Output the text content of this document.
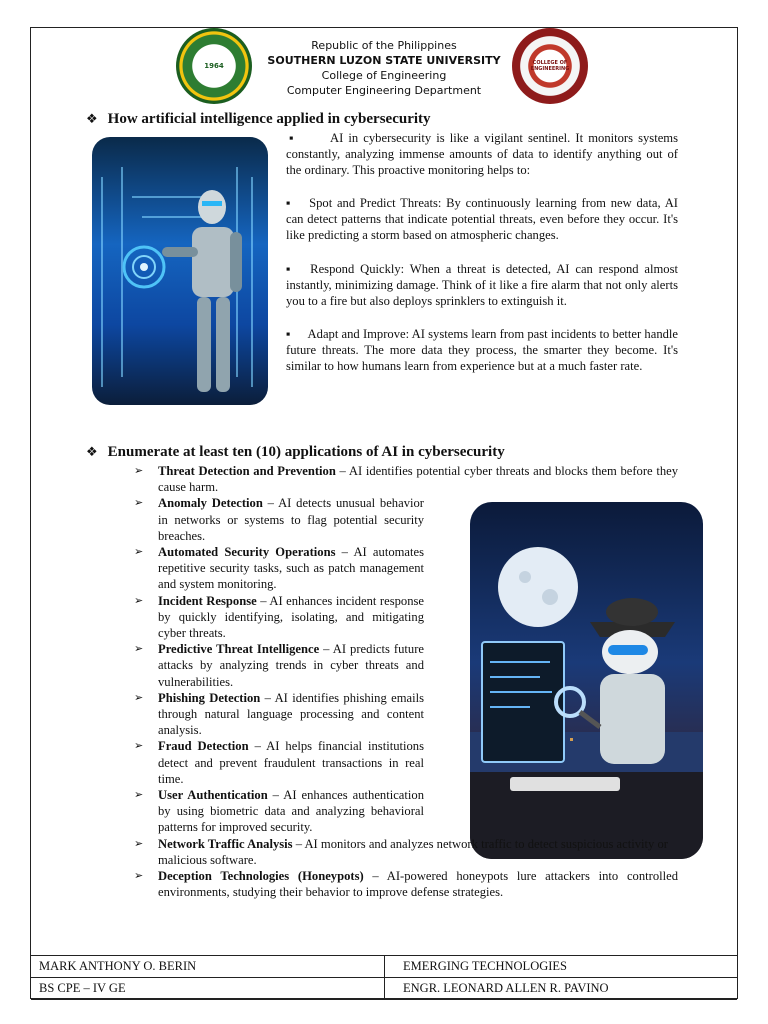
1964	COLLEGE OF ENGINEERING
Republic of the Philippines
SOUTHERN LUZON STATE UNIVERSITY
College of Engineering
Computer Engineering Department
❖ How artificial intelligence applied in cybersecurity
▪	AI in cybersecurity is like a vigilant sentinel. It monitors systems constantly, analyzing immense amounts of data to identify anything out of the ordinary. This proactive monitoring helps to:
▪ Spot and Predict Threats: By continuously learning from new data, AI can detect patterns that indicate potential threats, even before they occur. It's like predicting a storm based on atmospheric changes.
▪ Respond Quickly: When a threat is detected, AI can respond almost instantly, minimizing damage. Think of it like a fire alarm that not only alerts you to a fire but also deploys sprinklers to extinguish it.
▪ Adapt and Improve: AI systems learn from past incidents to better handle future threats. The more data they process, the smarter they become. It's similar to how humans learn from experience but at a much faster rate.
❖ Enumerate at least ten (10) applications of AI in cybersecurity

➢ Threat Detection and Prevention – AI identifies potential cyber threats and blocks them before they cause harm.

➢ Anomaly Detection – AI detects unusual behavior in networks or systems to flag potential security breaches.

➢ Automated Security Operations – AI automates repetitive security tasks, such as patch management and system monitoring.

➢ Incident Response – AI enhances incident response by quickly identifying, isolating, and mitigating cyber threats.

➢ Predictive Threat Intelligence – AI predicts future attacks by analyzing trends in cyber threats and vulnerabilities.

➢ Phishing Detection – AI identifies phishing emails through natural language processing and content analysis.

➢ Fraud Detection – AI helps financial institutions detect and prevent fraudulent transactions in real time.

➢ User Authentication – AI enhances authentication by using biometric data and analyzing behavioral patterns for improved security.

➢ Network Traffic Analysis – AI monitors and analyzes network traffic to detect suspicious activity or malicious software.

➢ Deception Technologies (Honeypots) – AI-powered honeypots lure attackers into controlled environments, studying their behavior to improve defense strategies.

MARK ANTHONY O. BERIN	EMERGING TECHNOLOGIES
BS CPE – IV GE	ENGR. LEONARD ALLEN R. PAVINO
